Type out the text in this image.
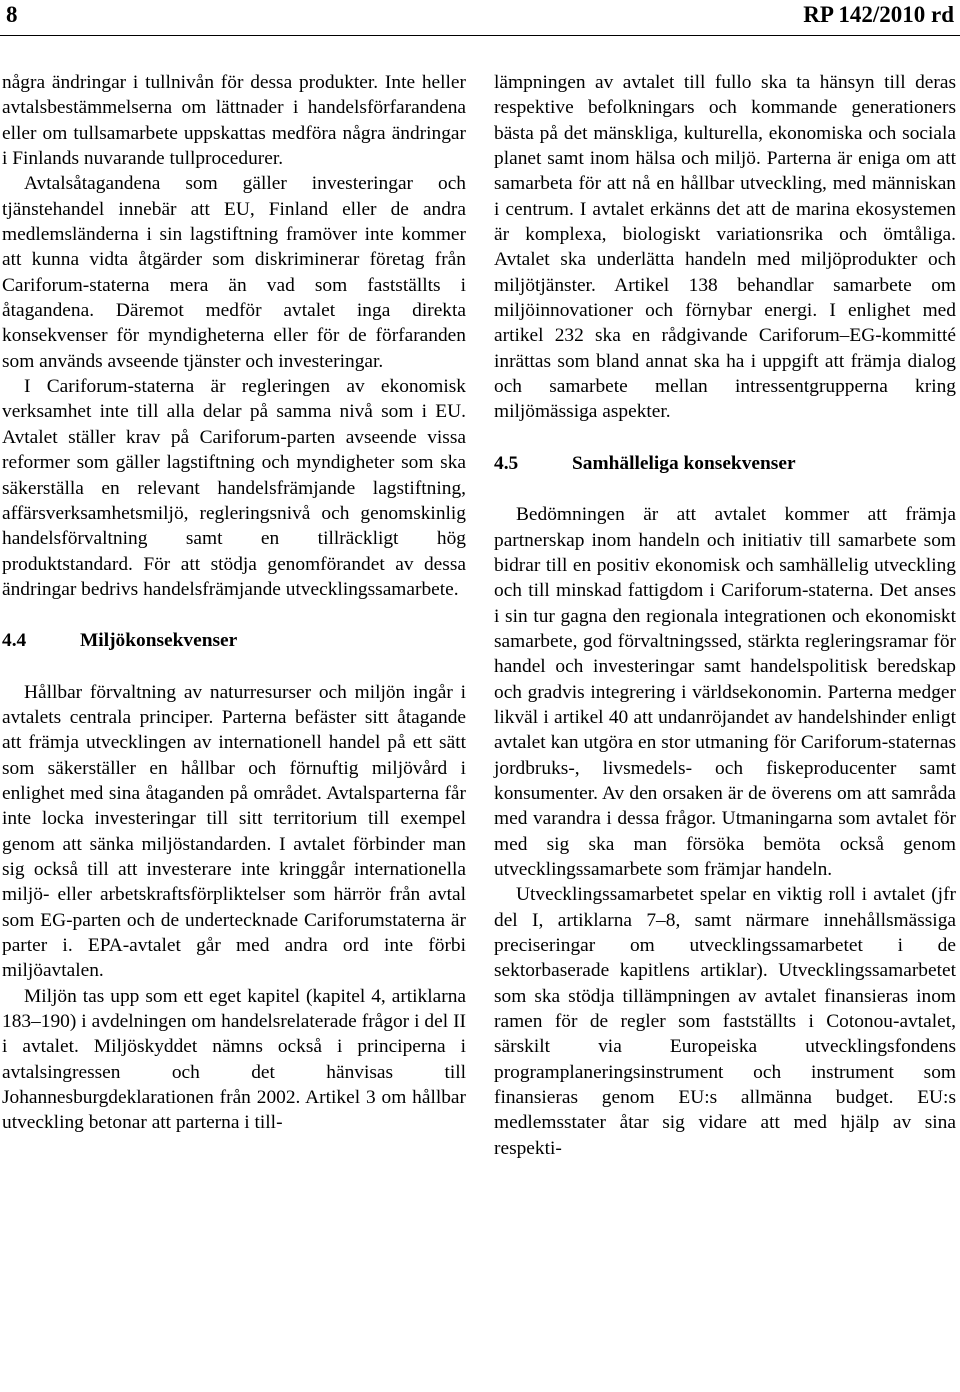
8	RP 142/2010 rd

några ändringar i tullnivån för dessa produkter. Inte heller avtalsbestämmelserna om lättnader i handelsförfarandena eller om tullsamarbete uppskattas medföra några ändringar i Finlands nuvarande tullprocedurer.

Avtalsåtagandena som gäller investeringar och tjänstehandel innebär att EU, Finland eller de andra medlemsländerna i sin lagstiftning framöver inte kommer att kunna vidta åtgärder som diskriminerar företag från Cariforum-staterna mera än vad som fastställts i åtagandena. Däremot medför avtalet inga direkta konsekvenser för myndigheterna eller för de förfaranden som används avseende tjänster och investeringar.

I Cariforum-staterna är regleringen av ekonomisk verksamhet inte till alla delar på samma nivå som i EU. Avtalet ställer krav på Cariforum-parten avseende vissa reformer som gäller lagstiftning och myndigheter som ska säkerställa en relevant handelsfrämjande lagstiftning, affärsverksamhetsmiljö, regleringsnivå och genomskinlig handelsförvaltning samt en tillräckligt hög produktstandard. För att stödja genomförandet av dessa ändringar bedrivs handelsfrämjande utvecklingssamarbete.

4.4	Miljökonsekvenser

Hållbar förvaltning av naturresurser och miljön ingår i avtalets centrala principer. Parterna befäster sitt åtagande att främja utvecklingen av internationell handel på ett sätt som säkerställer en hållbar och förnuftig miljövård i enlighet med sina åtaganden på området. Avtalsparterna får inte locka investeringar till sitt territorium till exempel genom att sänka miljöstandarden. I avtalet förbinder man sig också till att investerare inte kringgår internationella miljö- eller arbetskraftsförpliktelser som härrör från avtal som EG-parten och de undertecknade Cariforumstaterna är parter i. EPA-avtalet går med andra ord inte förbi miljöavtalen.

Miljön tas upp som ett eget kapitel (kapitel 4, artiklarna 183–190) i avdelningen om handelsrelaterade frågor i del II i avtalet. Miljöskyddet nämns också i principerna i avtalsingressen och det hänvisas till Johannesburgdeklarationen från 2002. Artikel 3 om hållbar utveckling betonar att parterna i till-

lämpningen av avtalet till fullo ska ta hänsyn till deras respektive befolkningars och kommande generationers bästa på det mänskliga, kulturella, ekonomiska och sociala planet samt inom hälsa och miljö. Parterna är eniga om att samarbeta för att nå en hållbar utveckling, med människan i centrum. I avtalet erkänns det att de marina ekosystemen är komplexa, biologiskt variationsrika och ömtåliga. Avtalet ska underlätta handeln med miljöprodukter och miljötjänster. Artikel 138 behandlar samarbete om miljöinnovationer och förnybar energi. I enlighet med artikel 232 ska en rådgivande Cariforum–EG-kommitté inrättas som bland annat ska ha i uppgift att främja dialog och samarbete mellan intressentgrupperna kring miljömässiga aspekter.

4.5	Samhälleliga konsekvenser

Bedömningen är att avtalet kommer att främja partnerskap inom handeln och initiativ till samarbete som bidrar till en positiv ekonomisk och samhällelig utveckling och till minskad fattigdom i Cariforum-staterna. Det anses i sin tur gagna den regionala integrationen och ekonomiskt samarbete, god förvaltningssed, stärkta regleringsramar för handel och investeringar samt handelspolitisk beredskap och gradvis integrering i världsekonomin. Parterna medger likväl i artikel 40 att undanröjandet av handelshinder enligt avtalet kan utgöra en stor utmaning för Cariforum-staternas jordbruks-, livsmedels- och fiskeproducenter samt konsumenter. Av den orsaken är de överens om att samråda med varandra i dessa frågor. Utmaningarna som avtalet för med sig ska man försöka bemöta också genom utvecklingssamarbete som främjar handeln.

Utvecklingssamarbetet spelar en viktig roll i avtalet (jfr del I, artiklarna 7–8, samt närmare innehållsmässiga preciseringar om utvecklingssamarbetet i de sektorbaserade kapitlens artiklar). Utvecklingssamarbetet som ska stödja tillämpningen av avtalet finansieras inom ramen för de regler som fastställts i Cotonou-avtalet, särskilt via Europeiska utvecklingsfondens programplaneringsinstrument och instrument som finansieras genom EU:s allmänna budget. EU:s medlemsstater åtar sig vidare att med hjälp av sina respekti-
